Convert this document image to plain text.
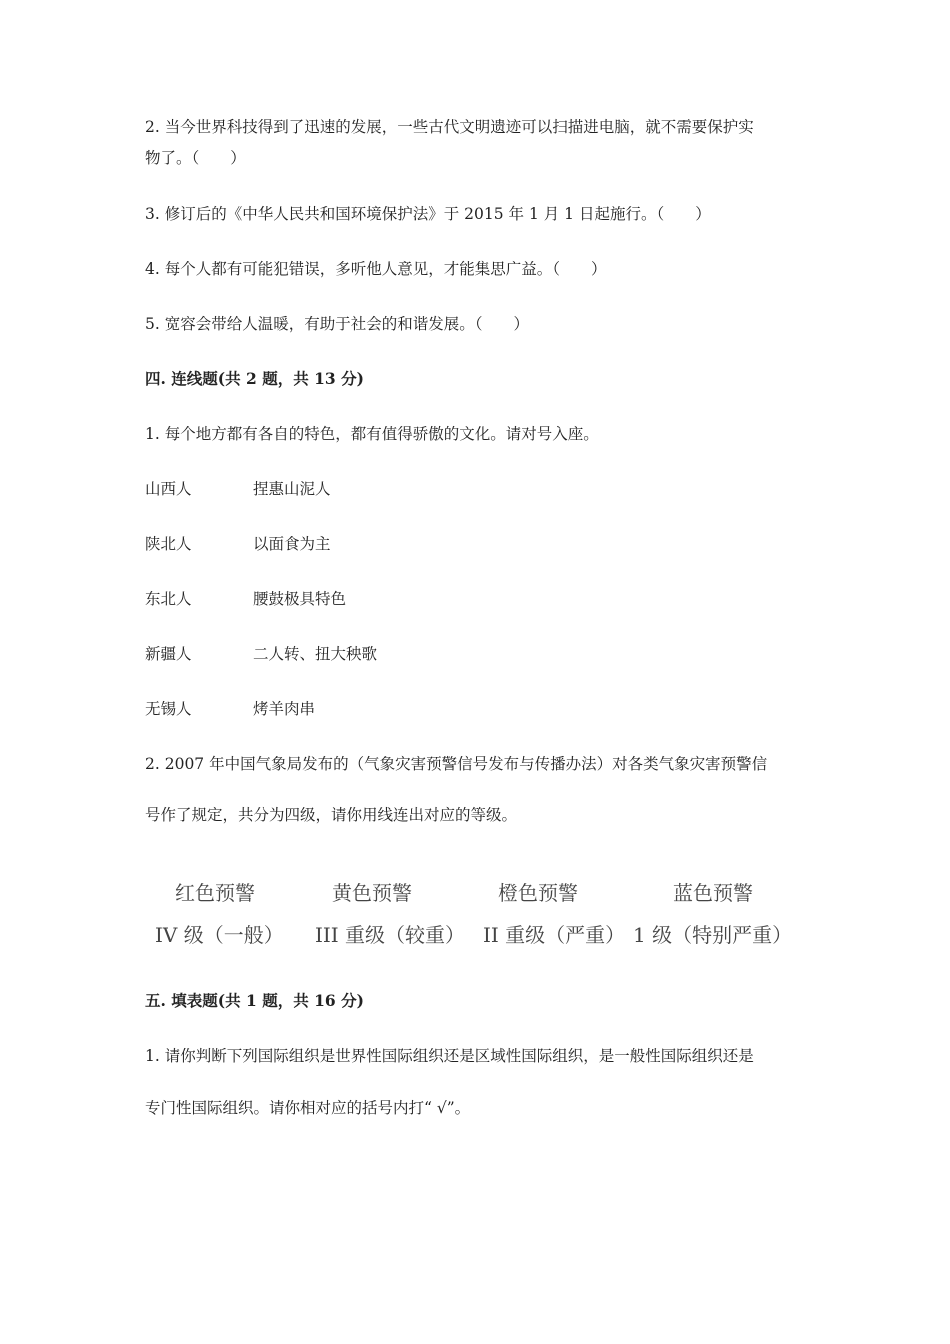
2. 当今世界科技得到了迅速的发展，一些古代文明遗迹可以扫描进电脑，就不需要保护实
物了。（　　）
3. 修订后的《中华人民共和国环境保护法》于 2015 年 1 月 1 日起施行。（　　）
4. 每个人都有可能犯错误，多听他人意见，才能集思广益。（　　）
5. 宽容会带给人温暖，有助于社会的和谐发展。（　　）
四. 连线题(共 2 题，共 13 分)
1. 每个地方都有各自的特色，都有值得骄傲的文化。请对号入座。
山西人	捏惠山泥人
陕北人	以面食为主
东北人	腰鼓极具特色
新疆人	二人转、扭大秧歌
无锡人	烤羊肉串
2. 2007 年中国气象局发布的（气象灾害预警信号发布与传播办法）对各类气象灾害预警信
号作了规定，共分为四级，请你用线连出对应的等级。
红色预警	黄色预警	橙色预警	蓝色预警
IV 级（一般） III 重级（较重） II 重级（严重） 1 级（特别严重）
五. 填表题(共 1 题，共 16 分)
1. 请你判断下列国际组织是世界性国际组织还是区域性国际组织，是一般性国际组织还是
专门性国际组织。请你相对应的括号内打“ √”。
